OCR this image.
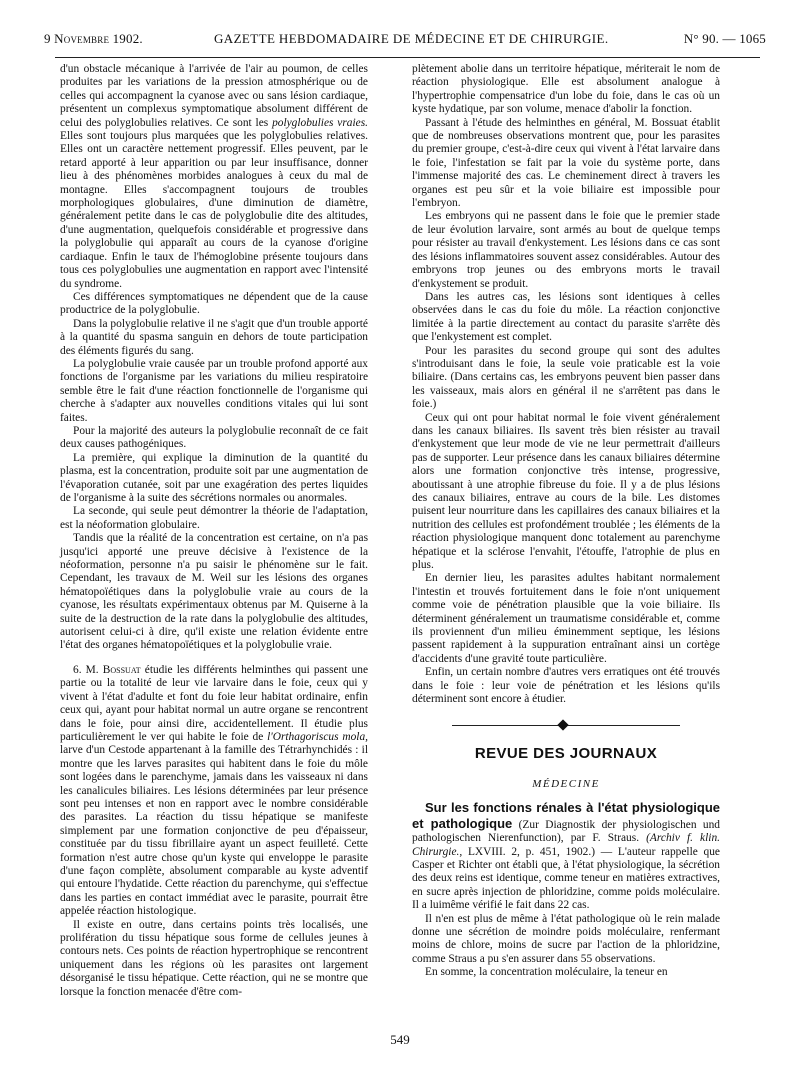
9 Novembre 1902.	GAZETTE HEBDOMADAIRE DE MÉDECINE ET DE CHIRURGIE.	N° 90. — 1065

d'un obstacle mécanique à l'arrivée de l'air au poumon, de celles produites par les variations de la pression atmosphérique ou de celles qui accompagnent la cyanose avec ou sans lésion cardiaque, présentent un complexus symptomatique absolument différent de celui des polyglobulies relatives. Ce sont les polyglobulies vraies. Elles sont toujours plus marquées que les polyglobulies relatives. Elles ont un caractère nettement progressif. Elles peuvent, par le retard apporté à leur apparition ou par leur insuffisance, donner lieu à des phénomènes morbides analogues à ceux du mal de montagne. Elles s'accompagnent toujours de troubles morphologiques globulaires, d'une diminution de diamètre, généralement petite dans le cas de polyglobulie dite des altitudes, d'une augmentation, quelquefois considérable et progressive dans la polyglobulie qui apparaît au cours de la cyanose d'origine cardiaque. Enfin le taux de l'hémoglobine présente toujours dans tous ces polyglobulies une augmentation en rapport avec l'intensité du syndrome.

Ces différences symptomatiques ne dépendent que de la cause productrice de la polyglobulie.

Dans la polyglobulie relative il ne s'agit que d'un trouble apporté à la quantité du spasma sanguin en dehors de toute participation des éléments figurés du sang.

La polyglobulie vraie causée par un trouble profond apporté aux fonctions de l'organisme par les variations du milieu respiratoire semble être le fait d'une réaction fonctionnelle de l'organisme qui cherche à s'adapter aux nouvelles conditions vitales qui lui sont faites.

Pour la majorité des auteurs la polyglobulie reconnaît de ce fait deux causes pathogéniques.

La première, qui explique la diminution de la quantité du plasma, est la concentration, produite soit par une augmentation de l'évaporation cutanée, soit par une exagération des pertes liquides de l'organisme à la suite des sécrétions normales ou anormales.

La seconde, qui seule peut démontrer la théorie de l'adaptation, est la néoformation globulaire.

Tandis que la réalité de la concentration est certaine, on n'a pas jusqu'ici apporté une preuve décisive à l'existence de la néoformation, personne n'a pu saisir le phénomène sur le fait. Cependant, les travaux de M. Weil sur les lésions des organes hématopoïétiques dans la polyglobulie vraie au cours de la cyanose, les résultats expérimentaux obtenus par M. Quiserne à la suite de la destruction de la rate dans la polyglobulie des altitudes, autorisent celui-ci à dire, qu'il existe une relation évidente entre l'état des organes hématopoïétiques et la polyglobulie vraie.

6. M. Bossuat étudie les différents helminthes qui passent une partie ou la totalité de leur vie larvaire dans le foie, ceux qui y vivent à l'état d'adulte et font du foie leur habitat ordinaire, enfin ceux qui, ayant pour habitat normal un autre organe se rencontrent dans le foie, pour ainsi dire, accidentellement. Il étudie plus particulièrement le ver qui habite le foie de l'Orthagoriscus mola, larve d'un Cestode appartenant à la famille des Tétrarhynchidés : il montre que les larves parasites qui habitent dans le foie du môle sont logées dans le parenchyme, jamais dans les vaisseaux ni dans les canalicules biliaires. Les lésions déterminées par leur présence sont peu intenses et non en rapport avec le nombre considérable des parasites. La réaction du tissu hépatique se manifeste simplement par une formation conjonctive de peu d'épaisseur, constituée par du tissu fibrillaire ayant un aspect feuilleté. Cette formation n'est autre chose qu'un kyste qui enveloppe le parasite d'une façon complète, absolument comparable au kyste adventif qui entoure l'hydatide. Cette réaction du parenchyme, qui s'effectue dans les parties en contact immédiat avec le parasite, pourrait être appelée réaction histologique.

Il existe en outre, dans certains points très localisés, une prolifération du tissu hépatique sous forme de cellules jeunes à contours nets. Ces points de réaction hypertrophique se rencontrent uniquement dans les régions où les parasites ont largement désorganisé le tissu hépatique. Cette réaction, qui ne se montre que lorsque la fonction menacée d'être com-

plètement abolie dans un territoire hépatique, mériterait le nom de réaction physiologique. Elle est absolument analogue à l'hypertrophie compensatrice d'un lobe du foie, dans le cas où un kyste hydatique, par son volume, menace d'abolir la fonction.

Passant à l'étude des helminthes en général, M. Bossuat établit que de nombreuses observations montrent que, pour les parasites du premier groupe, c'est-à-dire ceux qui vivent à l'état larvaire dans le foie, l'infestation se fait par la voie du système porte, dans l'immense majorité des cas. Le cheminement direct à travers les organes est peu sûr et la voie biliaire est impossible pour l'embryon.

Les embryons qui ne passent dans le foie que le premier stade de leur évolution larvaire, sont armés au bout de quelque temps pour résister au travail d'enkystement. Les lésions dans ce cas sont des lésions inflammatoires souvent assez considérables. Autour des embryons trop jeunes ou des embryons morts le travail d'enkystement se produit.

Dans les autres cas, les lésions sont identiques à celles observées dans le cas du foie du môle. La réaction conjonctive limitée à la partie directement au contact du parasite s'arrête dès que l'enkystement est complet.

Pour les parasites du second groupe qui sont des adultes s'introduisant dans le foie, la seule voie praticable est la voie biliaire. (Dans certains cas, les embryons peuvent bien passer dans les vaisseaux, mais alors en général il ne s'arrêtent pas dans le foie.)

Ceux qui ont pour habitat normal le foie vivent généralement dans les canaux biliaires. Ils savent très bien résister au travail d'enkystement que leur mode de vie ne leur permettrait d'ailleurs pas de supporter. Leur présence dans les canaux biliaires détermine alors une formation conjonctive très intense, progressive, aboutissant à une atrophie fibreuse du foie. Il y a de plus lésions des canaux biliaires, entrave au cours de la bile. Les distomes puisent leur nourriture dans les capillaires des canaux biliaires et la nutrition des cellules est profondément troublée ; les éléments de la réaction physiologique manquent donc totalement au parenchyme hépatique et la sclérose l'envahit, l'étouffe, l'atrophie de plus en plus.

En dernier lieu, les parasites adultes habitant normalement l'intestin et trouvés fortuitement dans le foie n'ont uniquement comme voie de pénétration plausible que la voie biliaire. Ils déterminent généralement un traumatisme considérable et, comme ils proviennent d'un milieu éminemment septique, les lésions passent rapidement à la suppuration entraînant ainsi un cortège d'accidents d'une gravité toute particulière.

Enfin, un certain nombre d'autres vers erratiques ont été trouvés dans le foie : leur voie de pénétration et les lésions qu'ils déterminent sont encore à étudier.

REVUE DES JOURNAUX
MÉDECINE

Sur les fonctions rénales à l'état physiologique et pathologique (Zur Diagnostik der physiologischen und pathologischen Nierenfunction), par F. Straus. (Archiv f. klin. Chirurgie., LXVIII. 2, p. 451, 1902.) — L'auteur rappelle que Casper et Richter ont établi que, à l'état physiologique, la sécrétion des deux reins est identique, comme teneur en matières extractives, en sucre après injection de phloridzine, comme poids moléculaire. Il a luimême vérifié le fait dans 22 cas.

Il n'en est plus de même à l'état pathologique où le rein malade donne une sécrétion de moindre poids moléculaire, renfermant moins de chlore, moins de sucre par l'action de la phloridzine, comme Straus a pu s'en assurer dans 55 observations.

En somme, la concentration moléculaire, la teneur en

549
